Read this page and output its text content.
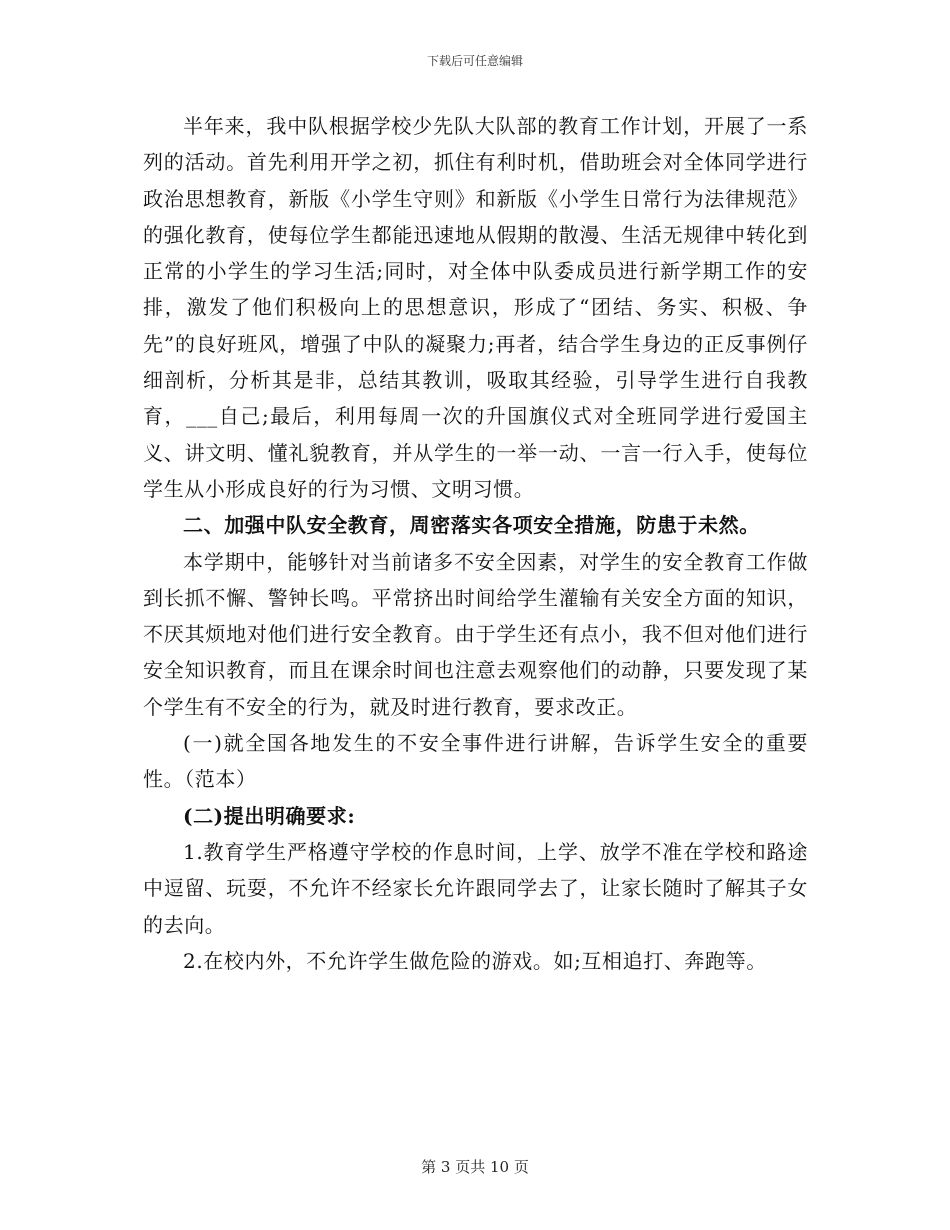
下载后可任意编辑

半年来，我中队根据学校少先队大队部的教育工作计划，开展了一系列的活动。首先利用开学之初，抓住有利时机，借助班会对全体同学进行政治思想教育，新版《小学生守则》和新版《小学生日常行为法律规范》的强化教育，使每位学生都能迅速地从假期的散漫、生活无规律中转化到正常的小学生的学习生活;同时，对全体中队委成员进行新学期工作的安排，激发了他们积极向上的思想意识，形成了“团结、务实、积极、争先”的良好班风，增强了中队的凝聚力;再者，结合学生身边的正反事例仔细剖析，分析其是非，总结其教训，吸取其经验，引导学生进行自我教育，___自己;最后，利用每周一次的升国旗仪式对全班同学进行爱国主义、讲文明、懂礼貌教育，并从学生的一举一动、一言一行入手，使每位学生从小形成良好的行为习惯、文明习惯。

二、加强中队安全教育，周密落实各项安全措施，防患于未然。

本学期中，能够针对当前诸多不安全因素，对学生的安全教育工作做到长抓不懈、警钟长鸣。平常挤出时间给学生灌输有关安全方面的知识，不厌其烦地对他们进行安全教育。由于学生还有点小，我不但对他们进行安全知识教育，而且在课余时间也注意去观察他们的动静，只要发现了某个学生有不安全的行为，就及时进行教育，要求改正。

(一)就全国各地发生的不安全事件进行讲解，告诉学生安全的重要性。（范本）

(二)提出明确要求:

1.教育学生严格遵守学校的作息时间，上学、放学不准在学校和路途中逗留、玩耍，不允许不经家长允许跟同学去了，让家长随时了解其子女的去向。

2.在校内外，不允许学生做危险的游戏。如;互相追打、奔跑等。

第 3 页共 10 页
